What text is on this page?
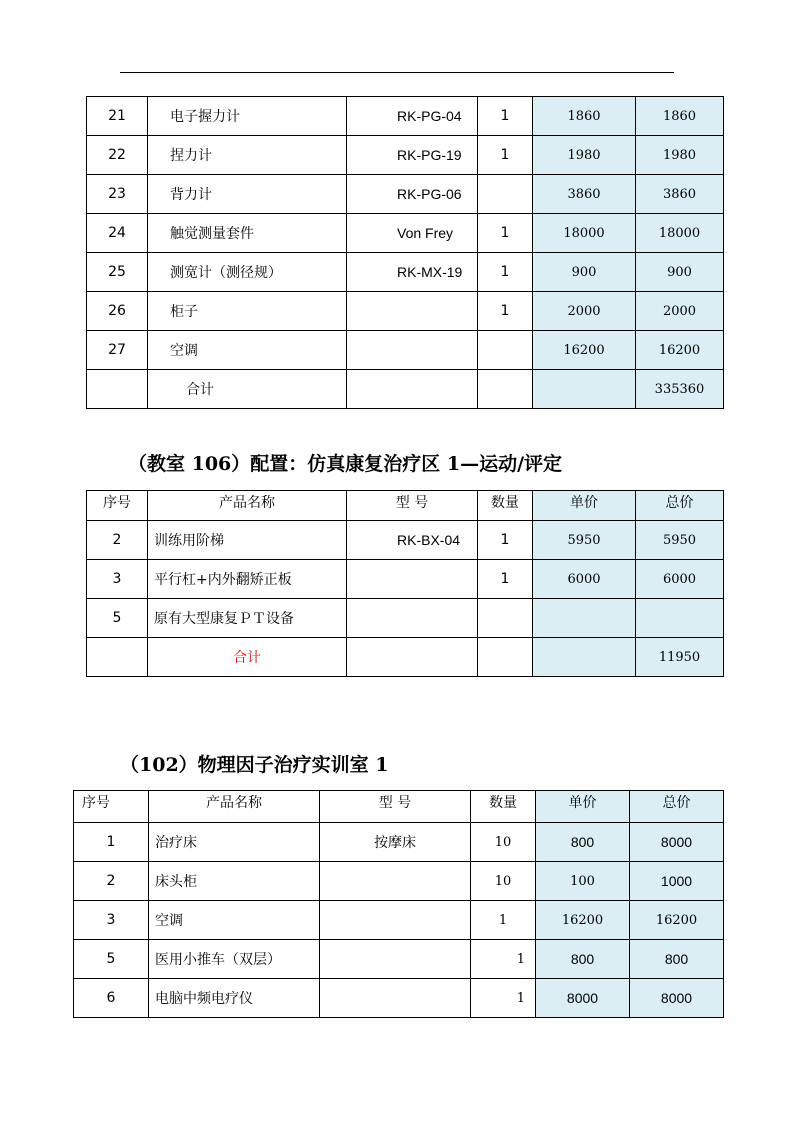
21	电子握力计	RK-PG-04	1	1860	1860
22	捏力计	RK-PG-19	1	1980	1980
23	背力计	RK-PG-06		3860	3860
24	触觉测量套件	Von Frey	1	18000	18000
25	测宽计（测径规）	RK-MX-19	1	900	900
26	柜子		1	2000	2000
27	空调			16200	16200
	合计				335360
（教室 106）配置：仿真康复治疗区 1—运动/评定
序号	产品名称	型 号	数量	单价	总价
2	训练用阶梯	RK-BX-04	1	5950	5950
3	平行杠+内外翻矫正板		1	6000	6000
5	原有大型康复ＰＴ设备				
	合计				11950
（102）物理因子治疗实训室 1
序号	产品名称	型 号	数量	单价	总价
1	治疗床	按摩床	10	800	8000
2	床头柜		10	100	1000
3	空调		1	16200	16200
5	医用小推车（双层）		1	800	800
6	电脑中频电疗仪		1	8000	8000
